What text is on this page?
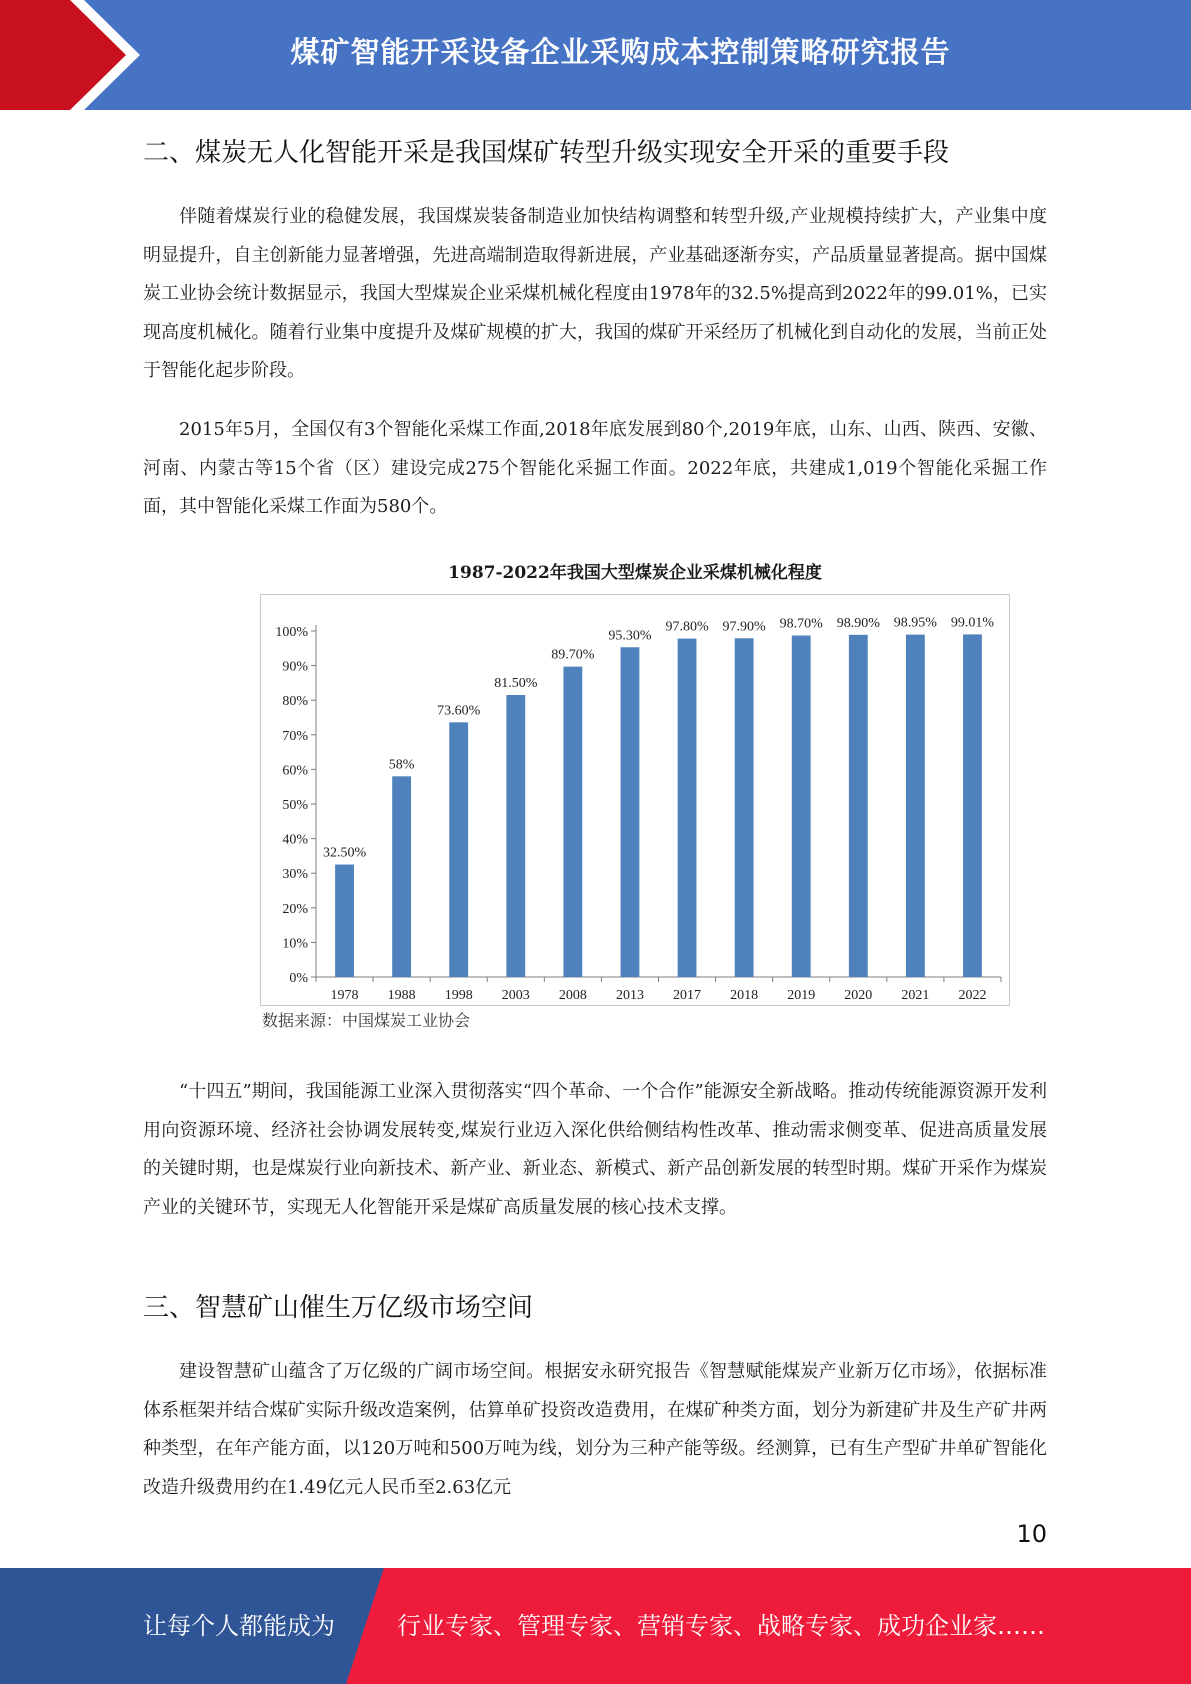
煤矿智能开采设备企业采购成本控制策略研究报告
二、煤炭无人化智能开采是我国煤矿转型升级实现安全开采的重要手段

伴随着煤炭行业的稳健发展，我国煤炭装备制造业加快结构调整和转型升级,产业规模持续扩大，产业集中度明显提升，自主创新能力显著增强，先进高端制造取得新进展，产业基础逐渐夯实，产品质量显著提高。据中国煤炭工业协会统计数据显示，我国大型煤炭企业采煤机械化程度由1978年的32.5%提高到2022年的99.01%，已实现高度机械化。随着行业集中度提升及煤矿规模的扩大，我国的煤矿开采经历了机械化到自动化的发展，当前正处于智能化起步阶段。

2015年5月，全国仅有3个智能化采煤工作面,2018年底发展到80个,2019年底，山东、山西、陕西、安徽、河南、内蒙古等15个省（区）建设完成275个智能化采掘工作面。2022年底，共建成1,019个智能化采掘工作面，其中智能化采煤工作面为580个。

1987-2022年我国大型煤炭企业采煤机械化程度
0%
10%
20%
30%
40%
50%
60%
70%
80%
90%
100%
32.50%
1978
58%
1988
73.60%
1998
81.50%
2003
89.70%
2008
95.30%
2013
97.80%
2017
97.90%
2018
98.70%
2019
98.90%
2020
98.95%
2021
99.01%
2022
数据来源：中国煤炭工业协会

“十四五”期间，我国能源工业深入贯彻落实“四个革命、一个合作”能源安全新战略。推动传统能源资源开发利用向资源环境、经济社会协调发展转变,煤炭行业迈入深化供给侧结构性改革、推动需求侧变革、促进高质量发展的关键时期，也是煤炭行业向新技术、新产业、新业态、新模式、新产品创新发展的转型时期。煤矿开采作为煤炭产业的关键环节，实现无人化智能开采是煤矿高质量发展的核心技术支撑。

三、智慧矿山催生万亿级市场空间

建设智慧矿山蕴含了万亿级的广阔市场空间。根据安永研究报告《智慧赋能煤炭产业新万亿市场》，依据标准体系框架并结合煤矿实际升级改造案例，估算单矿投资改造费用，在煤矿种类方面，划分为新建矿井及生产矿井两种类型，在年产能方面，以120万吨和500万吨为线，划分为三种产能等级。经测算，已有生产型矿井单矿智能化改造升级费用约在1.49亿元人民币至2.63亿元

10
让每个人都能成为	行业专家、管理专家、营销专家、战略专家、成功企业家……
